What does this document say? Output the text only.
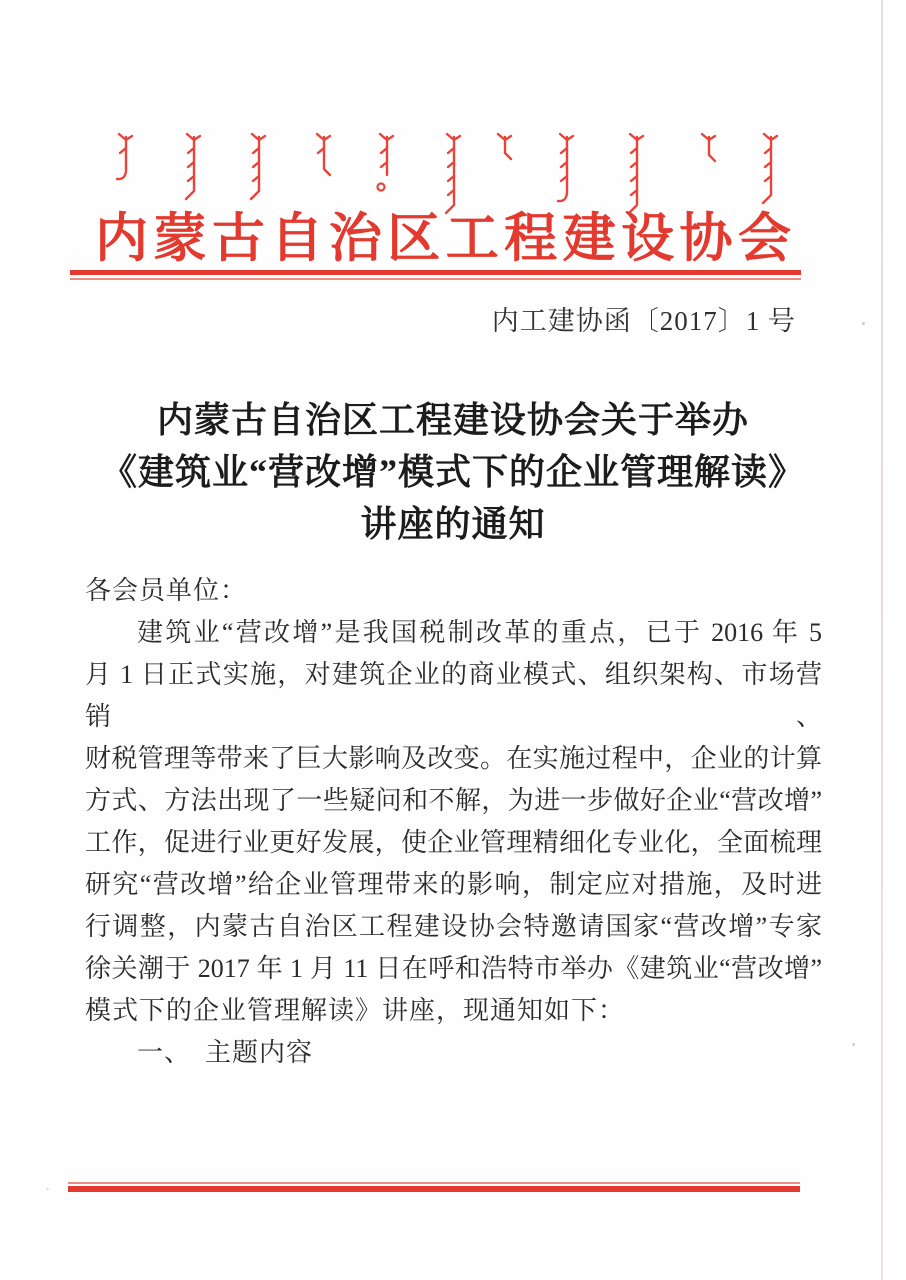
内 蒙 古 自 治 区 工 程 建 设 协 会
内工建协函〔2017〕1 号
内蒙古自治区工程建设协会关于举办
《建筑业“营改增”模式下的企业管理解读》
讲座的通知
各会员单位：
建筑业“营改增”是我国税制改革的重点，已于 2016 年 5
月 1 日正式实施，对建筑企业的商业模式、组织架构、市场营销、
财税管理等带来了巨大影响及改变。在实施过程中，企业的计算
方式、方法出现了一些疑问和不解，为进一步做好企业“营改增”
工作，促进行业更好发展，使企业管理精细化专业化，全面梳理
研究“营改增”给企业管理带来的影响，制定应对措施，及时进
行调整，内蒙古自治区工程建设协会特邀请国家“营改增”专家
徐关潮于 2017 年 1 月 11 日在呼和浩特市举办《建筑业“营改增”
模式下的企业管理解读》讲座，现通知如下：
一、　主题内容
